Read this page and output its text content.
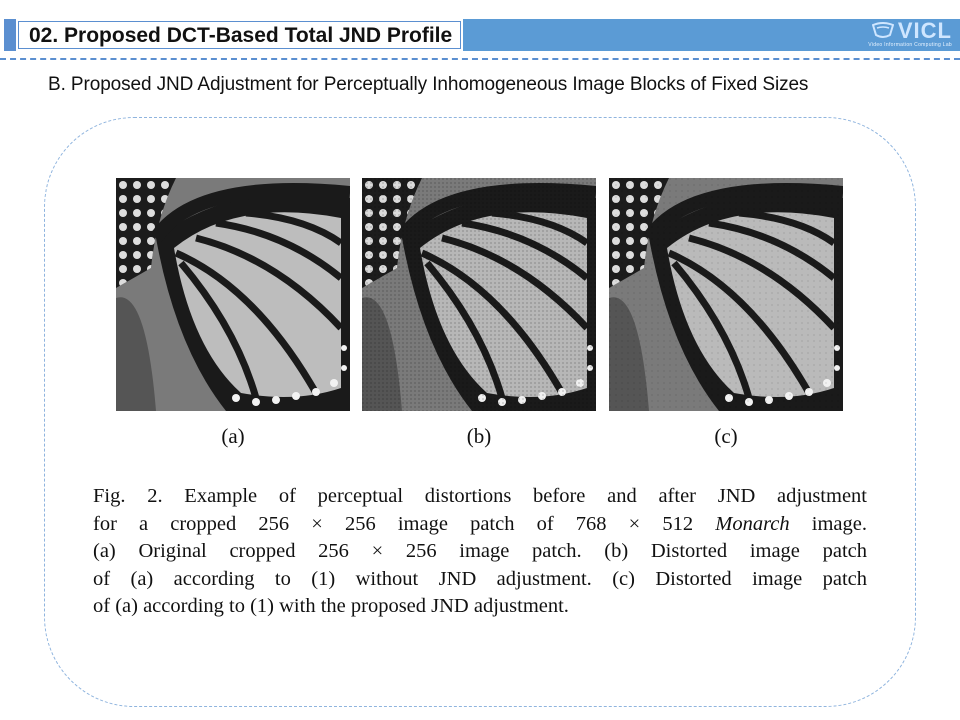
02. Proposed DCT-Based Total JND Profile	VICL
Video Information Computing Lab
B. Proposed JND Adjustment for Perceptually Inhomogeneous Image Blocks of Fixed Sizes
(a)	(b)	(c)
Fig. 2. Example of perceptual distortions before and after JND adjustment
for a cropped 256 × 256 image patch of 768 × 512 Monarch image.
(a) Original cropped 256 × 256 image patch. (b) Distorted image patch
of (a) according to (1) without JND adjustment. (c) Distorted image patch
of (a) according to (1) with the proposed JND adjustment.
